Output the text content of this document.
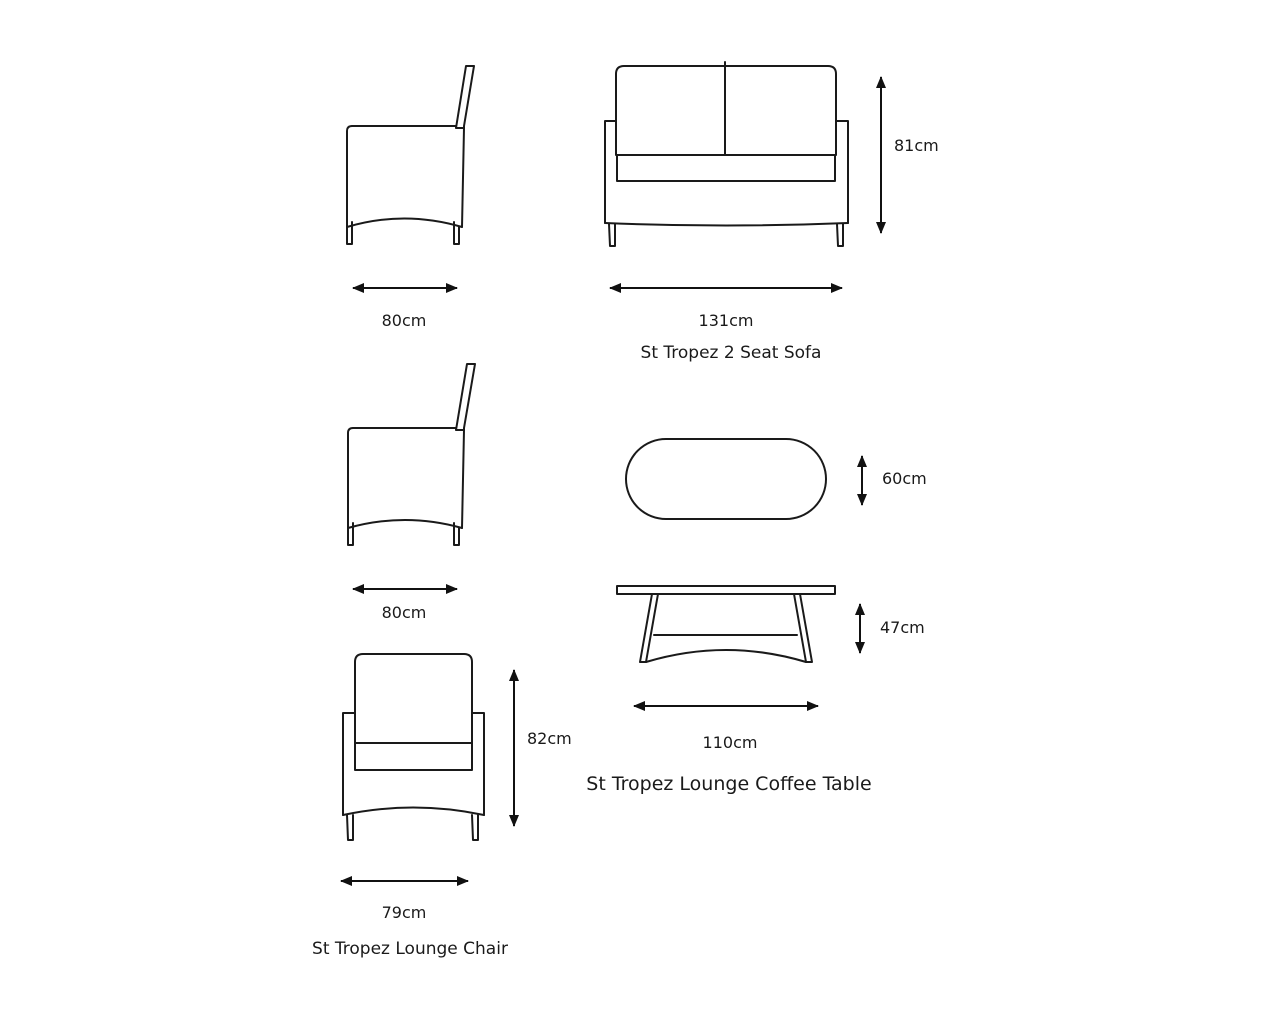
80cm	131cm
81cm
80cm
60cm
47cm
110cm
82cm
79cm
St Tropez 2 Seat Sofa
St Tropez Lounge Coffee Table
St Tropez Lounge Chair
